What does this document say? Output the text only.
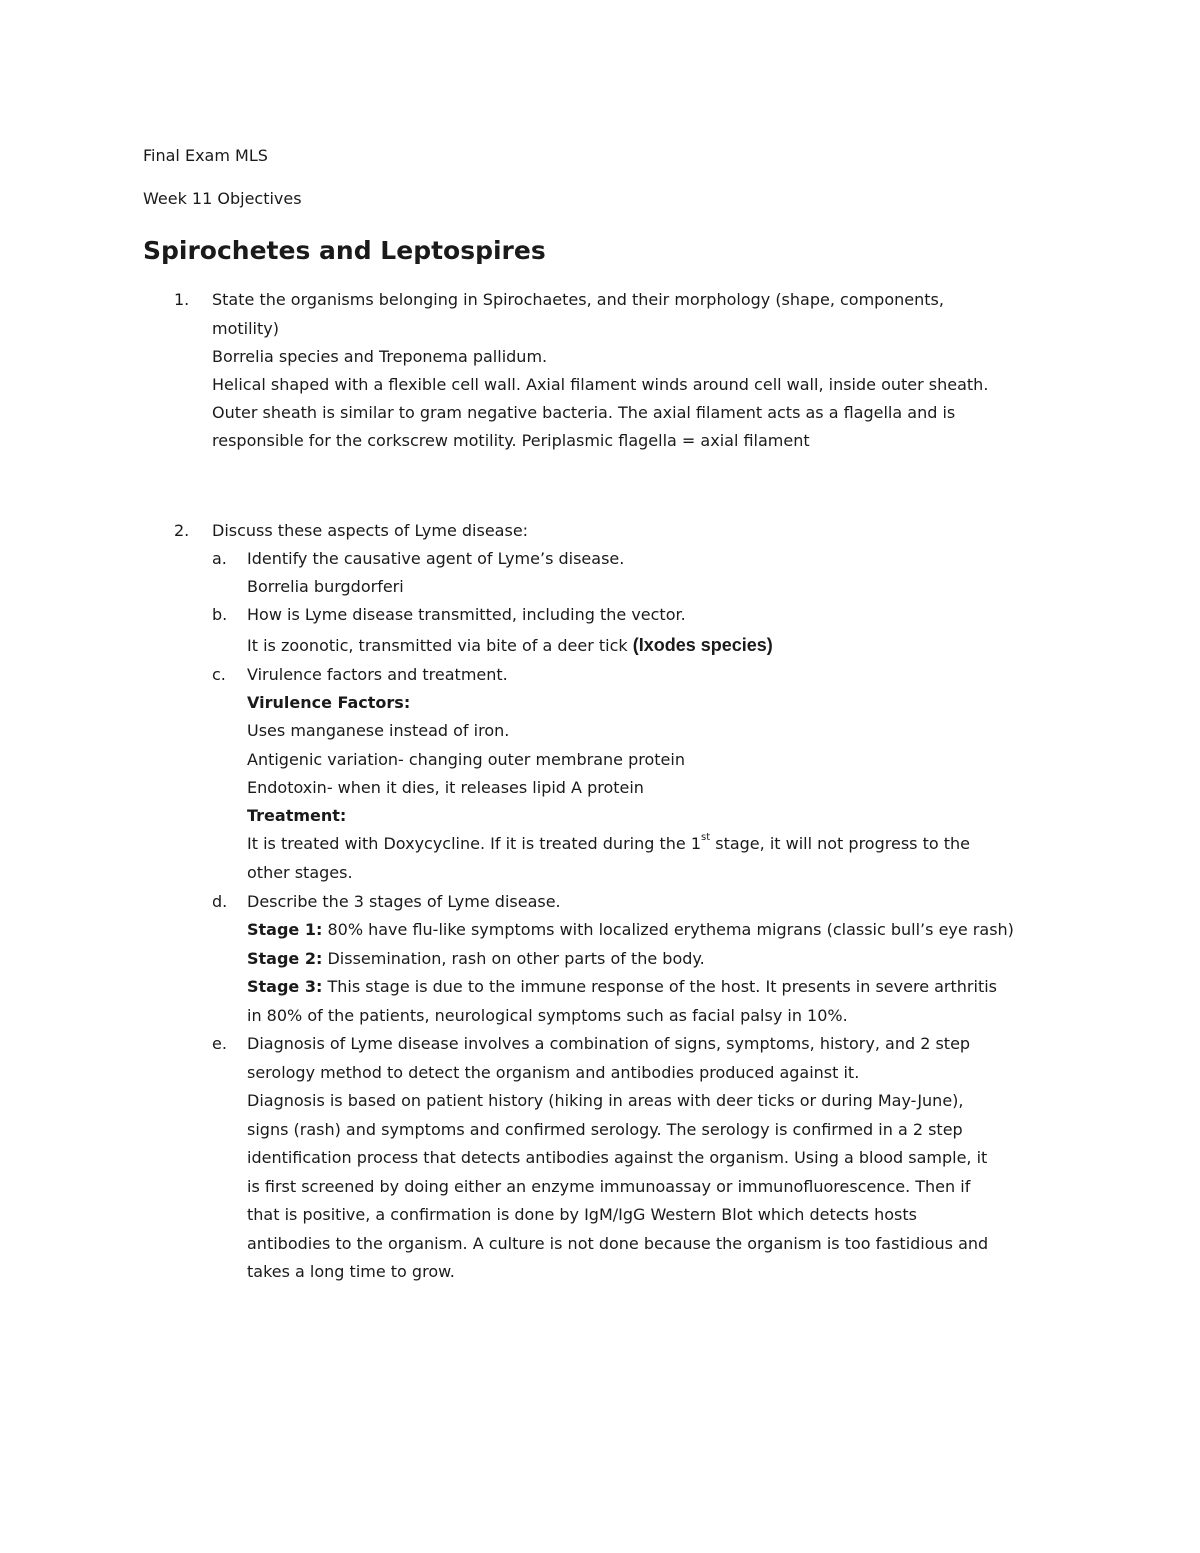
Final Exam MLS

Week 11 Objectives

Spirochetes and Leptospires

1. State the organisms belonging in Spirochaetes, and their morphology (shape, components,

motility)

Borrelia species and Treponema pallidum.

Helical shaped with a flexible cell wall. Axial filament winds around cell wall, inside outer sheath.

Outer sheath is similar to gram negative bacteria. The axial filament acts as a flagella and is

responsible for the corkscrew motility. Periplasmic flagella = axial filament

2. Discuss these aspects of Lyme disease:

a. Identify the causative agent of Lyme’s disease.

Borrelia burgdorferi

b. How is Lyme disease transmitted, including the vector.

It is zoonotic, transmitted via bite of a deer tick (Ixodes species)

c. Virulence factors and treatment.

Virulence Factors:

Uses manganese instead of iron.

Antigenic variation- changing outer membrane protein

Endotoxin- when it dies, it releases lipid A protein

Treatment:

It is treated with Doxycycline. If it is treated during the 1st stage, it will not progress to the

other stages.

d. Describe the 3 stages of Lyme disease.

Stage 1: 80% have flu-like symptoms with localized erythema migrans (classic bull’s eye rash)

Stage 2: Dissemination, rash on other parts of the body.

Stage 3: This stage is due to the immune response of the host. It presents in severe arthritis

in 80% of the patients, neurological symptoms such as facial palsy in 10%.

e. Diagnosis of Lyme disease involves a combination of signs, symptoms, history, and 2 step

serology method to detect the organism and antibodies produced against it.

Diagnosis is based on patient history (hiking in areas with deer ticks or during May-June),

signs (rash) and symptoms and confirmed serology. The serology is confirmed in a 2 step

identification process that detects antibodies against the organism. Using a blood sample, it

is first screened by doing either an enzyme immunoassay or immunofluorescence. Then if

that is positive, a confirmation is done by IgM/IgG Western Blot which detects hosts

antibodies to the organism. A culture is not done because the organism is too fastidious and

takes a long time to grow.
